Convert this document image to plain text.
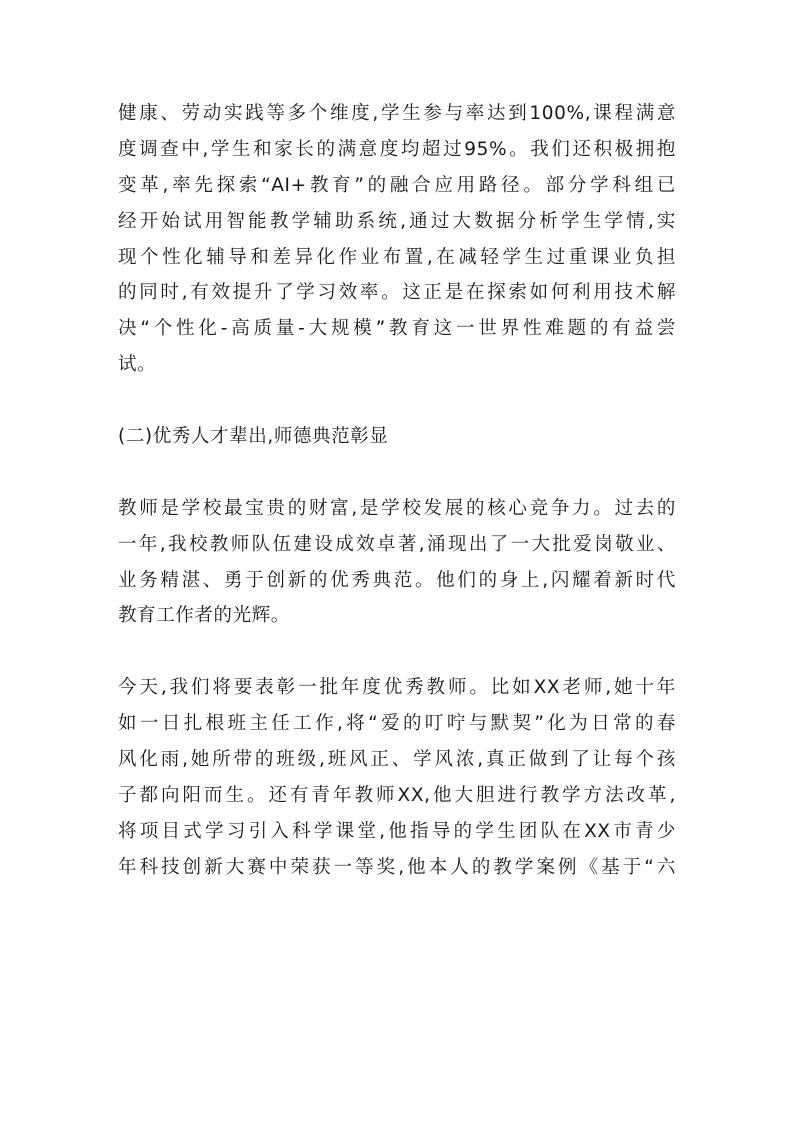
健康、劳动实践等多个维度,学生参与率达到100%,课程满意
度调查中,学生和家长的满意度均超过95%。我们还积极拥抱
变革,率先探索“AI+教育”的融合应用路径。部分学科组已
经开始试用智能教学辅助系统,通过大数据分析学生学情,实
现个性化辅导和差异化作业布置,在减轻学生过重课业负担
的同时,有效提升了学习效率。这正是在探索如何利用技术解
决“个性化-高质量-大规模”教育这一世界性难题的有益尝
试。
(二)优秀人才辈出,师德典范彰显
教师是学校最宝贵的财富,是学校发展的核心竞争力。过去的
一年,我校教师队伍建设成效卓著,涌现出了一大批爱岗敬业、
业务精湛、勇于创新的优秀典范。他们的身上,闪耀着新时代
教育工作者的光辉。
今天,我们将要表彰一批年度优秀教师。比如XX老师,她十年
如一日扎根班主任工作,将“爱的叮咛与默契”化为日常的春
风化雨,她所带的班级,班风正、学风浓,真正做到了让每个孩
子都向阳而生。还有青年教师XX,他大胆进行教学方法改革,
将项目式学习引入科学课堂,他指导的学生团队在XX市青少
年科技创新大赛中荣获一等奖,他本人的教学案例《基于“六
